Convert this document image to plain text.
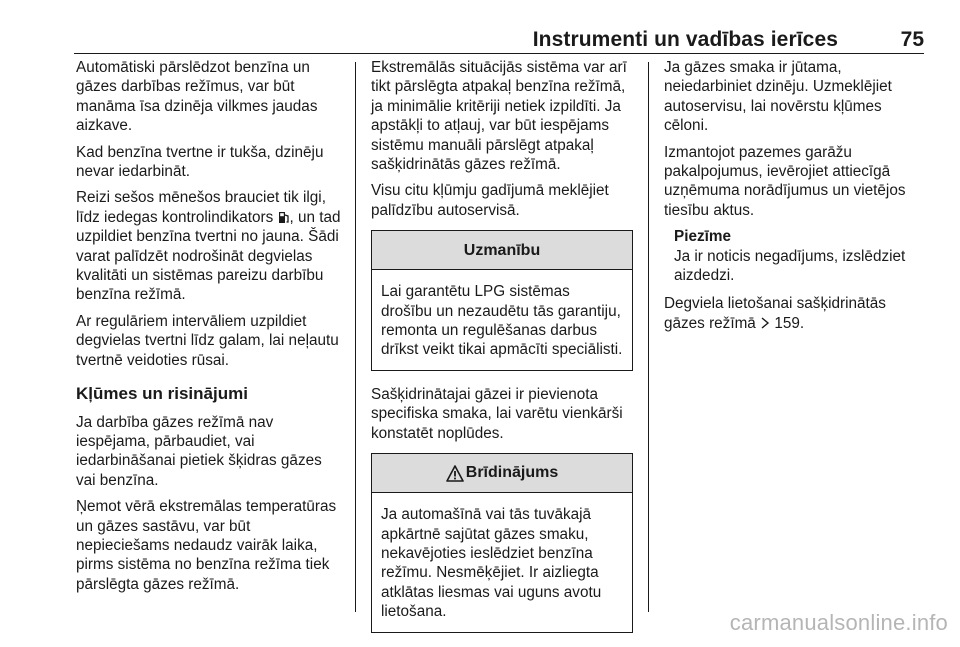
Instrumenti un vadības ierīces	75

Automātiski pārslēdzot benzīna un gāzes darbības režīmus, var būt manāma īsa dzinēja vilkmes jaudas aizkave.

Kad benzīna tvertne ir tukša, dzinēju nevar iedarbināt.

Reizi sešos mēnešos brauciet tik ilgi, līdz iedegas kontrolindikators , un tad uzpildiet benzīna tvertni no jauna. Šādi varat palīdzēt nodrošināt degvielas kvalitāti un sistēmas pareizu darbību benzīna režīmā.

Ar regulāriem intervāliem uzpildiet degvielas tvertni līdz galam, lai neļautu tvertnē veidoties rūsai.

Kļūmes un risinājumi

Ja darbība gāzes režīmā nav iespējama, pārbaudiet, vai iedarbināšanai pietiek šķidras gāzes vai benzīna.

Ņemot vērā ekstremālas temperatūras un gāzes sastāvu, var būt nepieciešams nedaudz vairāk laika, pirms sistēma no benzīna režīma tiek pārslēgta gāzes režīmā.

Ekstremālās situācijās sistēma var arī tikt pārslēgta atpakaļ benzīna režīmā, ja minimālie kritēriji netiek izpildīti. Ja apstākļi to atļauj, var būt iespējams sistēmu manuāli pārslēgt atpakaļ sašķidrinātās gāzes režīmā.

Visu citu kļūmju gadījumā meklējiet palīdzību autoservisā.

Uzmanību

Lai garantētu LPG sistēmas drošību un nezaudētu tās garantiju, remonta un regulēšanas darbus drīkst veikt tikai apmācīti speciālisti.

Sašķidrinātajai gāzei ir pievienota specifiska smaka, lai varētu vienkārši konstatēt noplūdes.

Brīdinājums

Ja automašīnā vai tās tuvākajā apkārtnē sajūtat gāzes smaku, nekavējoties ieslēdziet benzīna režīmu. Nesmēķējiet. Ir aizliegta atklātas liesmas vai uguns avotu lietošana.

Ja gāzes smaka ir jūtama, neiedarbiniet dzinēju. Uzmeklējiet autoservisu, lai novērstu kļūmes cēloni.

Izmantojot pazemes garāžu pakalpojumus, ievērojiet attiecīgā uzņēmuma norādījumus un vietējos tiesību aktus.

Piezīme
Ja ir noticis negadījums, izslēdziet aizdedzi.

Degviela lietošanai sašķidrinātās gāzes režīmā 159.

carmanualsonline.info
